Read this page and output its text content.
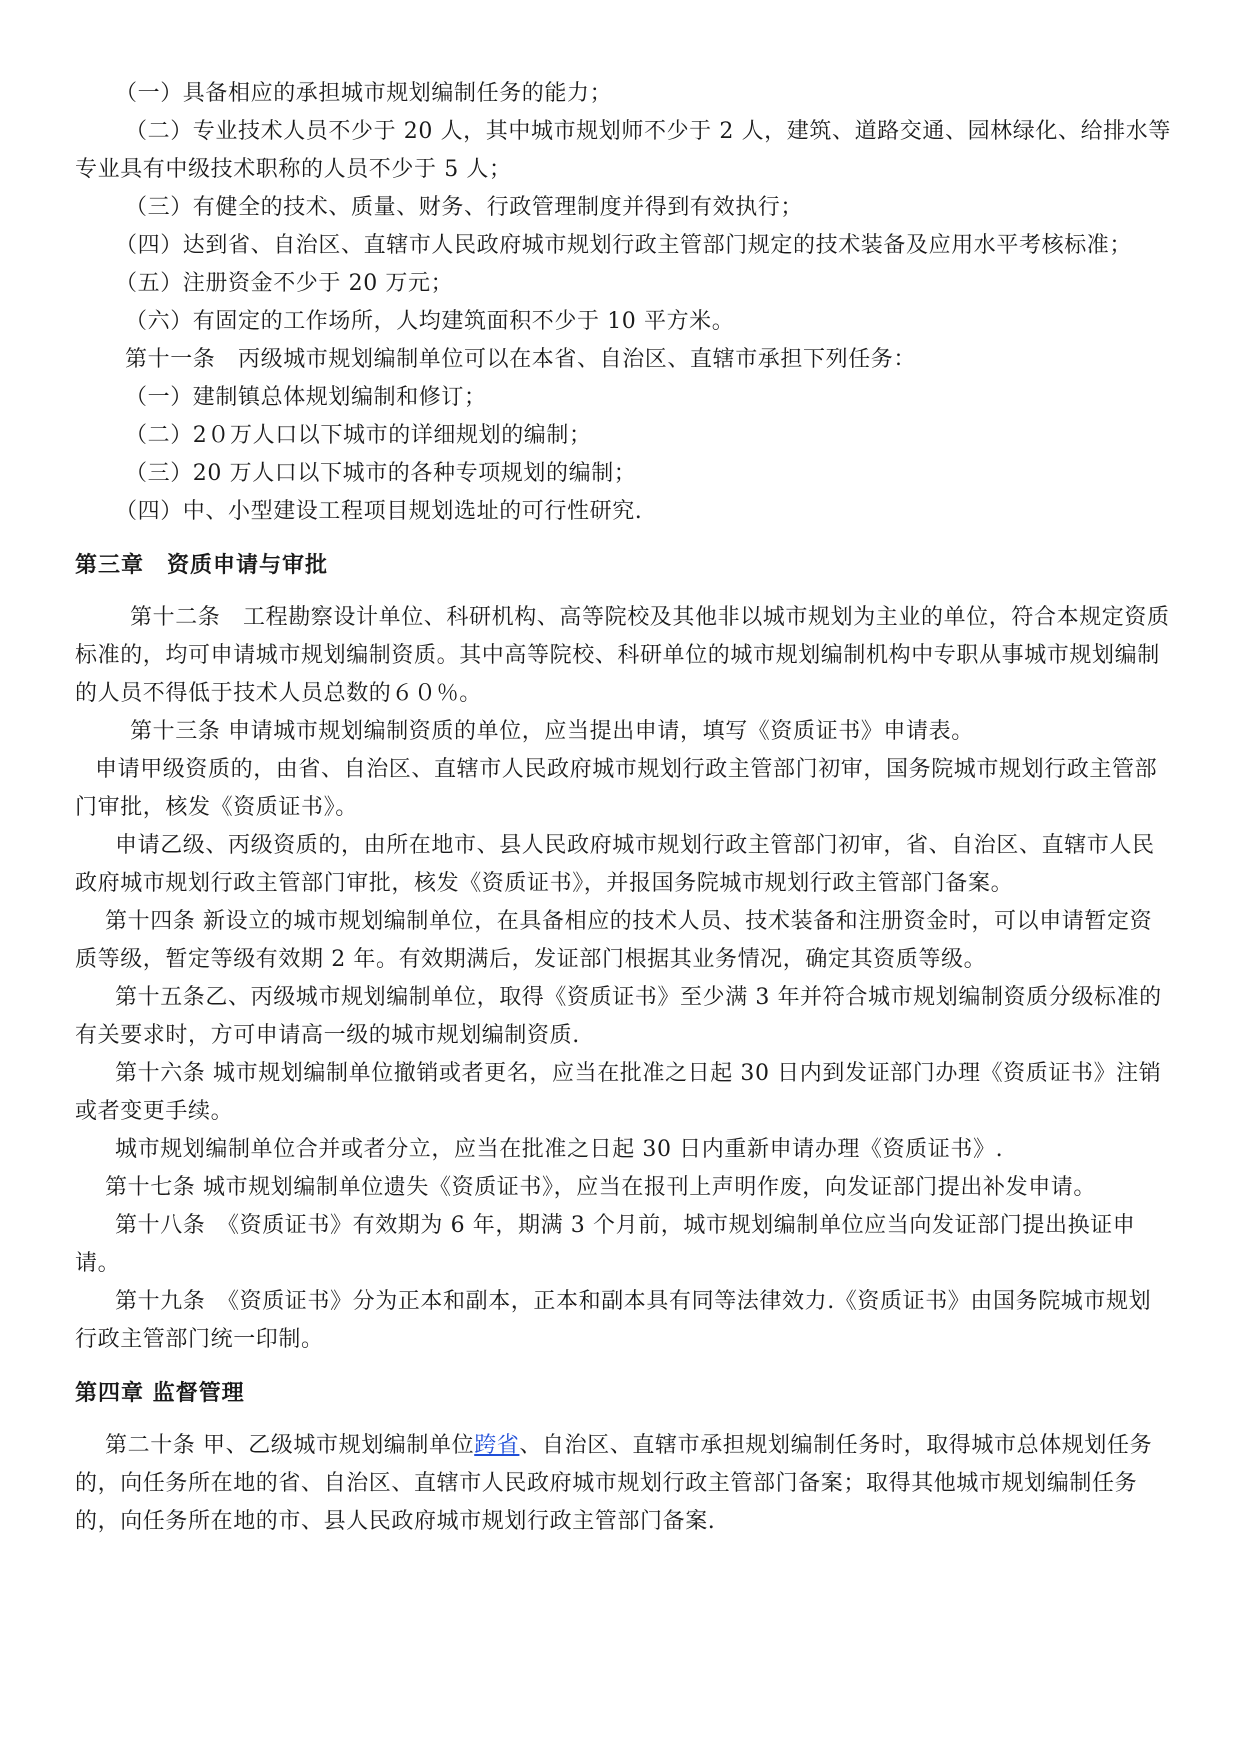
（一）具备相应的承担城市规划编制任务的能力；

（二）专业技术人员不少于 20 人，其中城市规划师不少于 2 人，建筑、道路交通、园林绿化、给排水等专业具有中级技术职称的人员不少于 5 人；

（三）有健全的技术、质量、财务、行政管理制度并得到有效执行；

（四）达到省、自治区、直辖市人民政府城市规划行政主管部门规定的技术装备及应用水平考核标准；

（五）注册资金不少于 20 万元；

（六）有固定的工作场所，人均建筑面积不少于 10 平方米。

第十一条　丙级城市规划编制单位可以在本省、自治区、直辖市承担下列任务：

（一）建制镇总体规划编制和修订；

（二）2０万人口以下城市的详细规划的编制；

（三）20 万人口以下城市的各种专项规划的编制；

（四）中、小型建设工程项目规划选址的可行性研究.

第三章　资质申请与审批

第十二条　工程勘察设计单位、科研机构、高等院校及其他非以城市规划为主业的单位，符合本规定资质标准的，均可申请城市规划编制资质。其中高等院校、科研单位的城市规划编制机构中专职从事城市规划编制的人员不得低于技术人员总数的６０％。

第十三条 申请城市规划编制资质的单位，应当提出申请，填写《资质证书》申请表。

申请甲级资质的，由省、自治区、直辖市人民政府城市规划行政主管部门初审，国务院城市规划行政主管部门审批，核发《资质证书》。

申请乙级、丙级资质的，由所在地市、县人民政府城市规划行政主管部门初审，省、自治区、直辖市人民政府城市规划行政主管部门审批，核发《资质证书》，并报国务院城市规划行政主管部门备案。

第十四条 新设立的城市规划编制单位，在具备相应的技术人员、技术装备和注册资金时，可以申请暂定资质等级，暂定等级有效期 2 年。有效期满后，发证部门根据其业务情况，确定其资质等级。

第十五条乙、丙级城市规划编制单位，取得《资质证书》至少满 3 年并符合城市规划编制资质分级标准的有关要求时，方可申请高一级的城市规划编制资质.

第十六条 城市规划编制单位撤销或者更名，应当在批准之日起 30 日内到发证部门办理《资质证书》注销或者变更手续。

城市规划编制单位合并或者分立，应当在批准之日起 30 日内重新申请办理《资质证书》.

第十七条 城市规划编制单位遗失《资质证书》，应当在报刊上声明作废，向发证部门提出补发申请。

第十八条　《资质证书》有效期为 6 年，期满 3 个月前，城市规划编制单位应当向发证部门提出换证申请。

第十九条　《资质证书》分为正本和副本，正本和副本具有同等法律效力.《资质证书》由国务院城市规划行政主管部门统一印制。

第四章 监督管理

第二十条 甲、乙级城市规划编制单位跨省、自治区、直辖市承担规划编制任务时，取得城市总体规划任务的，向任务所在地的省、自治区、直辖市人民政府城市规划行政主管部门备案；取得其他城市规划编制任务的，向任务所在地的市、县人民政府城市规划行政主管部门备案.
